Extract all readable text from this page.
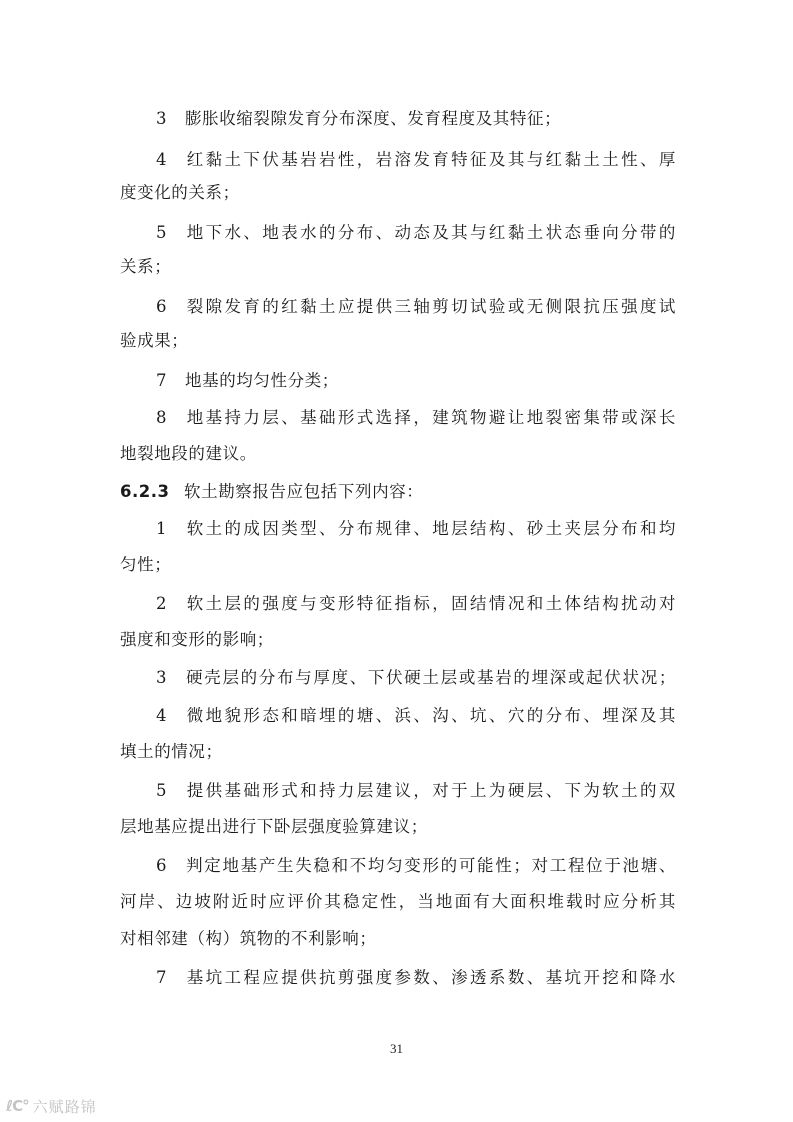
3 膨胀收缩裂隙发育分布深度、发育程度及其特征；
4 红黏土下伏基岩岩性，岩溶发育特征及其与红黏土土性、厚
度变化的关系；
5 地下水、地表水的分布、动态及其与红黏土状态垂向分带的
关系；
6 裂隙发育的红黏土应提供三轴剪切试验或无侧限抗压强度试
验成果；
7 地基的均匀性分类；
8 地基持力层、基础形式选择，建筑物避让地裂密集带或深长
地裂地段的建议。
6.2.3 软土勘察报告应包括下列内容：
1 软土的成因类型、分布规律、地层结构、砂土夹层分布和均
匀性；
2 软土层的强度与变形特征指标，固结情况和土体结构扰动对
强度和变形的影响；
3 硬壳层的分布与厚度、下伏硬土层或基岩的埋深或起伏状况；
4 微地貌形态和暗埋的塘、浜、沟、坑、穴的分布、埋深及其
填土的情况；
5 提供基础形式和持力层建议，对于上为硬层、下为软土的双
层地基应提出进行下卧层强度验算建议；
6 判定地基产生失稳和不均匀变形的可能性；对工程位于池塘、
河岸、边坡附近时应评价其稳定性，当地面有大面积堆载时应分析其
对相邻建（构）筑物的不利影响；
7 基坑工程应提供抗剪强度参数、渗透系数、基坑开挖和降水
31
ℓC° 六赋路锦
